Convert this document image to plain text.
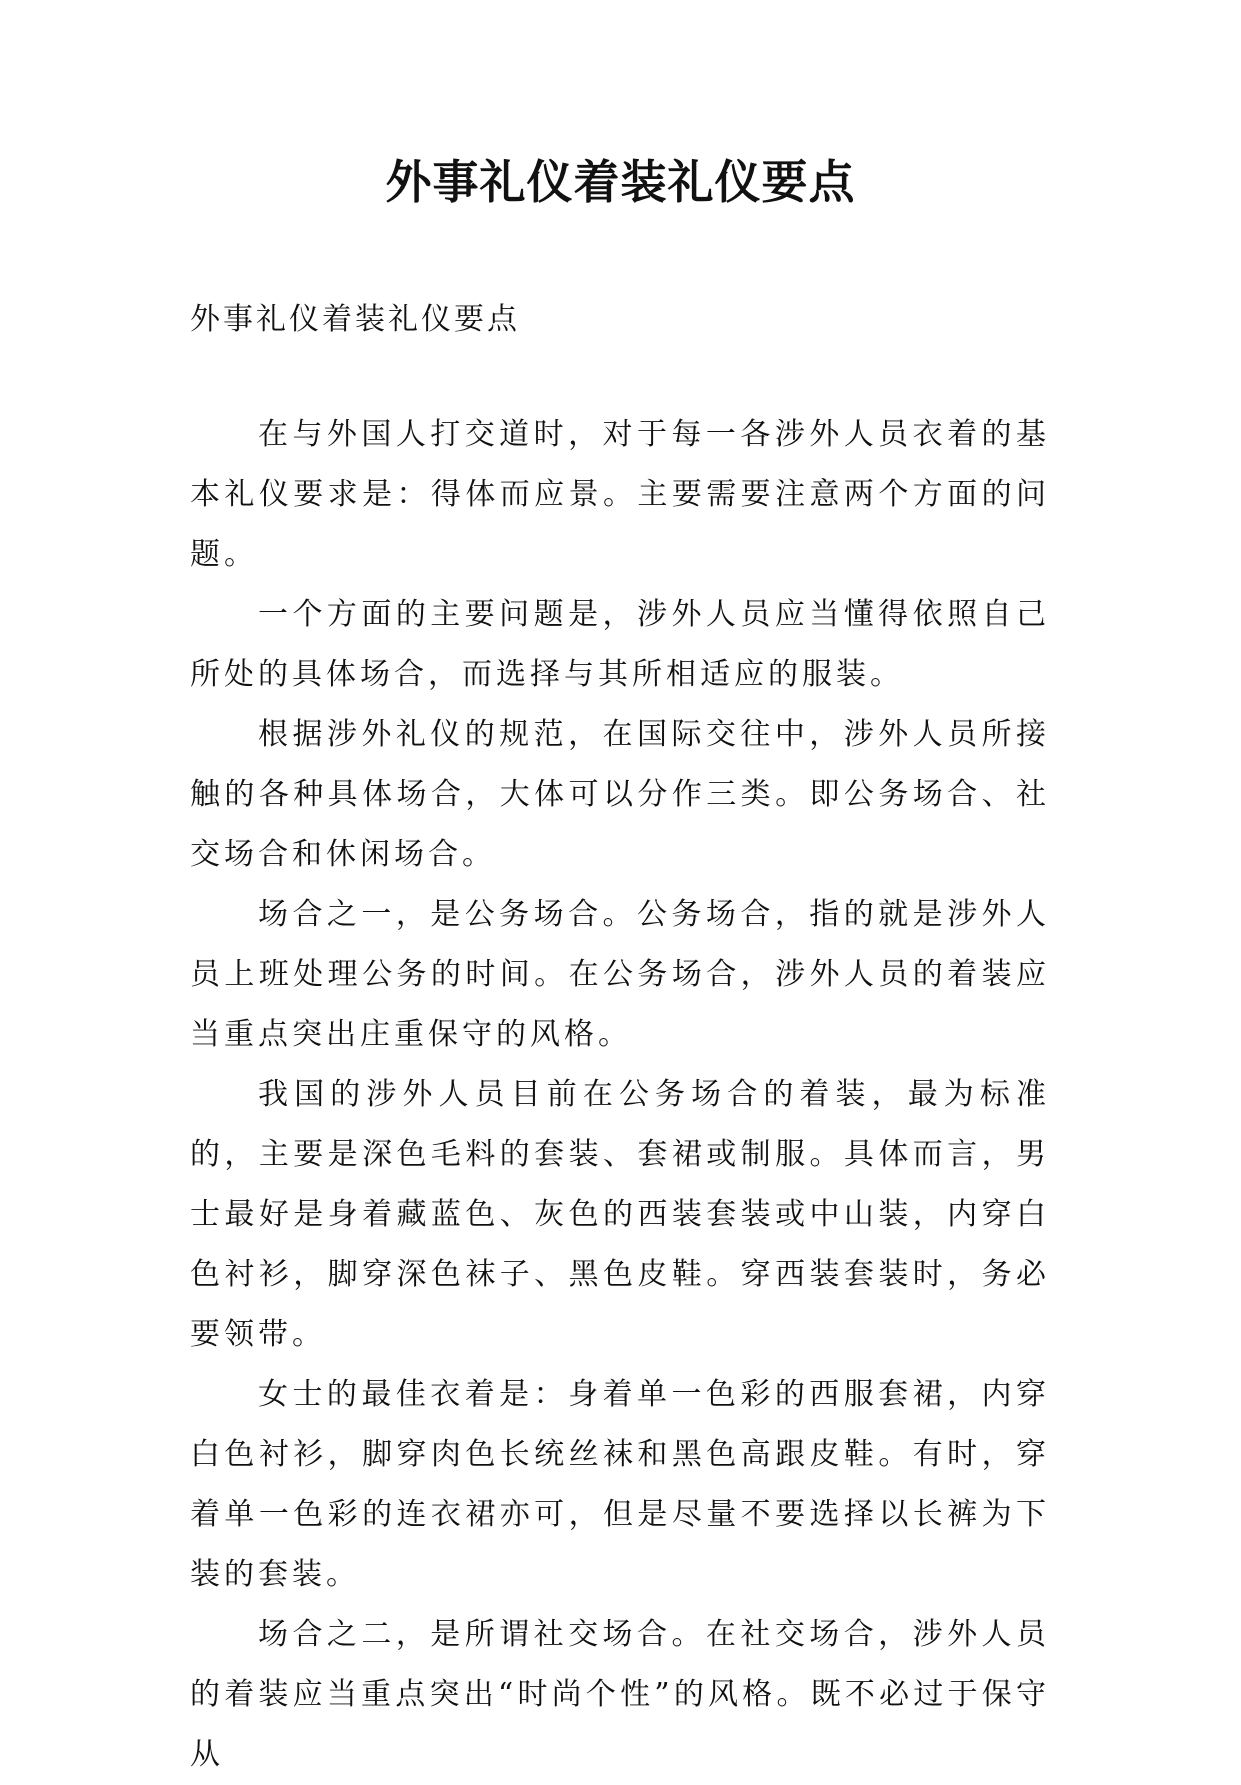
外事礼仪着装礼仪要点

外事礼仪着装礼仪要点

在与外国人打交道时，对于每一各涉外人员衣着的基本礼仪要求是：得体而应景。主要需要注意两个方面的问题。

一个方面的主要问题是，涉外人员应当懂得依照自己所处的具体场合，而选择与其所相适应的服装。

根据涉外礼仪的规范，在国际交往中，涉外人员所接触的各种具体场合，大体可以分作三类。即公务场合、社交场合和休闲场合。

场合之一，是公务场合。公务场合，指的就是涉外人员上班处理公务的时间。在公务场合，涉外人员的着装应当重点突出庄重保守的风格。

我国的涉外人员目前在公务场合的着装，最为标准的，主要是深色毛料的套装、套裙或制服。具体而言，男士最好是身着藏蓝色、灰色的西装套装或中山装，内穿白色衬衫，脚穿深色袜子、黑色皮鞋。穿西装套装时，务必要领带。

女士的最佳衣着是：身着单一色彩的西服套裙，内穿白色衬衫，脚穿肉色长统丝袜和黑色高跟皮鞋。有时，穿着单一色彩的连衣裙亦可，但是尽量不要选择以长裤为下装的套装。

场合之二，是所谓社交场合。在社交场合，涉外人员的着装应当重点突出“时尚个性”的风格。既不必过于保守从
